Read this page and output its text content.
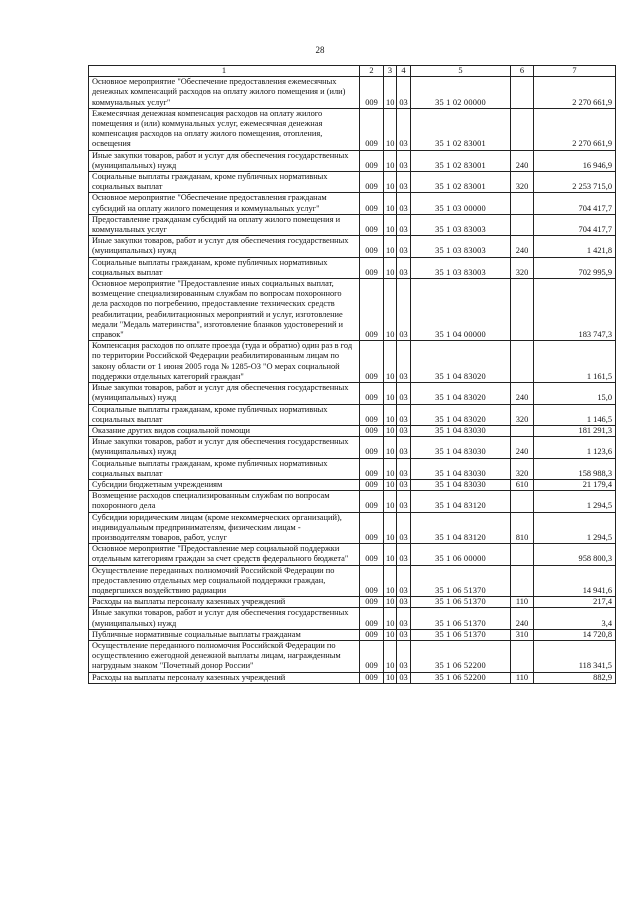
28
1	2	3	4	5	6	7
Основное мероприятие "Обеспечение предоставления ежемесячных денежных компенсаций расходов на оплату жилого помещения и (или) коммунальных услуг"	009	10	03	35 1 02 00000		2 270 661,9
Ежемесячная денежная компенсация расходов на оплату жилого помещения и (или) коммунальных услуг, ежемесячная денежная компенсация расходов на оплату жилого помещения, отопления, освещения	009	10	03	35 1 02 83001		2 270 661,9
Иные закупки товаров, работ и услуг для обеспечения государственных (муниципальных) нужд	009	10	03	35 1 02 83001	240	16 946,9
Социальные выплаты гражданам, кроме публичных нормативных социальных выплат	009	10	03	35 1 02 83001	320	2 253 715,0
Основное мероприятие "Обеспечение предоставления гражданам субсидий на оплату жилого помещения и коммунальных услуг"	009	10	03	35 1 03 00000		704 417,7
Предоставление гражданам субсидий на оплату жилого помещения и коммунальных услуг	009	10	03	35 1 03 83003		704 417,7
Иные закупки товаров, работ и услуг для обеспечения государственных (муниципальных) нужд	009	10	03	35 1 03 83003	240	1 421,8
Социальные выплаты гражданам, кроме публичных нормативных социальных выплат	009	10	03	35 1 03 83003	320	702 995,9
Основное мероприятие "Предоставление иных социальных выплат, возмещение специализированным службам по вопросам похоронного дела расходов по погребению, предоставление технических средств реабилитации, реабилитационных мероприятий и услуг, изготовление медали "Медаль материнства", изготовление бланков удостоверений и справок"	009	10	03	35 1 04 00000		183 747,3
Компенсация расходов по оплате проезда (туда и обратно) один раз в год по территории Российской Федерации реабилитированным лицам по закону области от 1 июня 2005 года № 1285-ОЗ "О мерах социальной поддержки отдельных категорий граждан"	009	10	03	35 1 04 83020		1 161,5
Иные закупки товаров, работ и услуг для обеспечения государственных (муниципальных) нужд	009	10	03	35 1 04 83020	240	15,0
Социальные выплаты гражданам, кроме публичных нормативных социальных выплат	009	10	03	35 1 04 83020	320	1 146,5
Оказание других видов социальной помощи	009	10	03	35 1 04 83030		181 291,3
Иные закупки товаров, работ и услуг для обеспечения государственных (муниципальных) нужд	009	10	03	35 1 04 83030	240	1 123,6
Социальные выплаты гражданам, кроме публичных нормативных социальных выплат	009	10	03	35 1 04 83030	320	158 988,3
Субсидии бюджетным учреждениям	009	10	03	35 1 04 83030	610	21 179,4
Возмещение расходов специализированным службам по вопросам похоронного дела	009	10	03	35 1 04 83120		1 294,5
Субсидии юридическим лицам (кроме некоммерческих организаций), индивидуальным предпринимателям, физическим лицам - производителям товаров, работ, услуг	009	10	03	35 1 04 83120	810	1 294,5
Основное мероприятие "Предоставление мер социальной поддержки отдельным категориям граждан за счет средств федерального бюджета"	009	10	03	35 1 06 00000		958 800,3
Осуществление переданных полномочий Российской Федерации по предоставлению отдельных мер социальной поддержки граждан, подвергшихся воздействию радиации	009	10	03	35 1 06 51370		14 941,6
Расходы на выплаты персоналу казенных учреждений	009	10	03	35 1 06 51370	110	217,4
Иные закупки товаров, работ и услуг для обеспечения государственных (муниципальных) нужд	009	10	03	35 1 06 51370	240	3,4
Публичные нормативные социальные выплаты гражданам	009	10	03	35 1 06 51370	310	14 720,8
Осуществление переданного полномочия Российской Федерации по осуществлению ежегодной денежной выплаты лицам, награжденным нагрудным знаком "Почетный донор России"	009	10	03	35 1 06 52200		118 341,5
Расходы на выплаты персоналу казенных учреждений	009	10	03	35 1 06 52200	110	882,9
